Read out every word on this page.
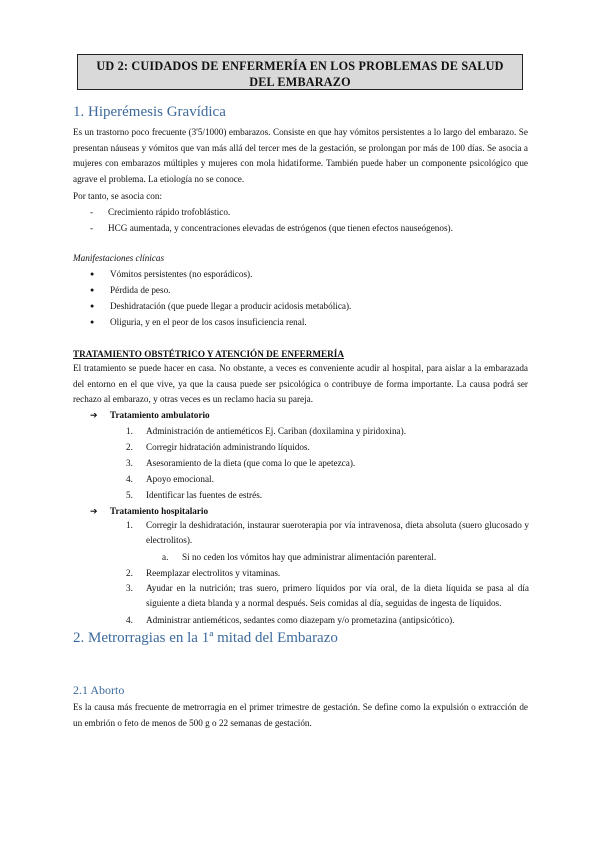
UD 2: CUIDADOS DE ENFERMERÍA EN LOS PROBLEMAS DE SALUD
DEL EMBARAZO
1. Hiperémesis Gravídica

Es un trastorno poco frecuente (3'5/1000) embarazos. Consiste en que hay vómitos persistentes a lo largo del embarazo. Se presentan náuseas y vómitos que van más allá del tercer mes de la gestación, se prolongan por más de 100 días. Se asocia a mujeres con embarazos múltiples y mujeres con mola hidatiforme. También puede haber un componente psicológico que agrave el problema. La etiología no se conoce.

Por tanto, se asocia con:

- Crecimiento rápido trofoblástico.
- HCG aumentada, y concentraciones elevadas de estrógenos (que tienen efectos nauseógenos).

Manifestaciones clínicas

● Vómitos persistentes (no esporádicos).
● Pérdida de peso.
● Deshidratación (que puede llegar a producir acidosis metabólica).
● Oliguria, y en el peor de los casos insuficiencia renal.

TRATAMIENTO OBSTÉTRICO Y ATENCIÓN DE ENFERMERÍA

El tratamiento se puede hacer en casa. No obstante, a veces es conveniente acudir al hospital, para aislar a la embarazada del entorno en el que vive, ya que la causa puede ser psicológica o contribuye de forma importante. La causa podrá ser rechazo al embarazo, y otras veces es un reclamo hacia su pareja.

➔ Tratamiento ambulatorio
1. Administración de antieméticos Ej. Cariban (doxilamina y piridoxina).
2. Corregir hidratación administrando líquidos.
3. Asesoramiento de la dieta (que coma lo que le apetezca).
4. Apoyo emocional.
5. Identificar las fuentes de estrés.
➔ Tratamiento hospitalario
1. Corregir la deshidratación, instaurar sueroterapia por vía intravenosa, dieta absoluta (suero glucosado y electrolitos).
a. Si no ceden los vómitos hay que administrar alimentación parenteral.
2. Reemplazar electrolitos y vitaminas.
3. Ayudar en la nutrición; tras suero, primero líquidos por vía oral, de la dieta líquida se pasa al día siguiente a dieta blanda y a normal después. Seis comidas al día, seguidas de ingesta de líquidos.
4. Administrar antieméticos, sedantes como diazepam y/o prometazina (antipsicótico).
2. Metrorragias en la 1ª mitad del Embarazo
2.1 Aborto

Es la causa más frecuente de metrorragia en el primer trimestre de gestación. Se define como la expulsión o extracción de un embrión o feto de menos de 500 g o 22 semanas de gestación.
